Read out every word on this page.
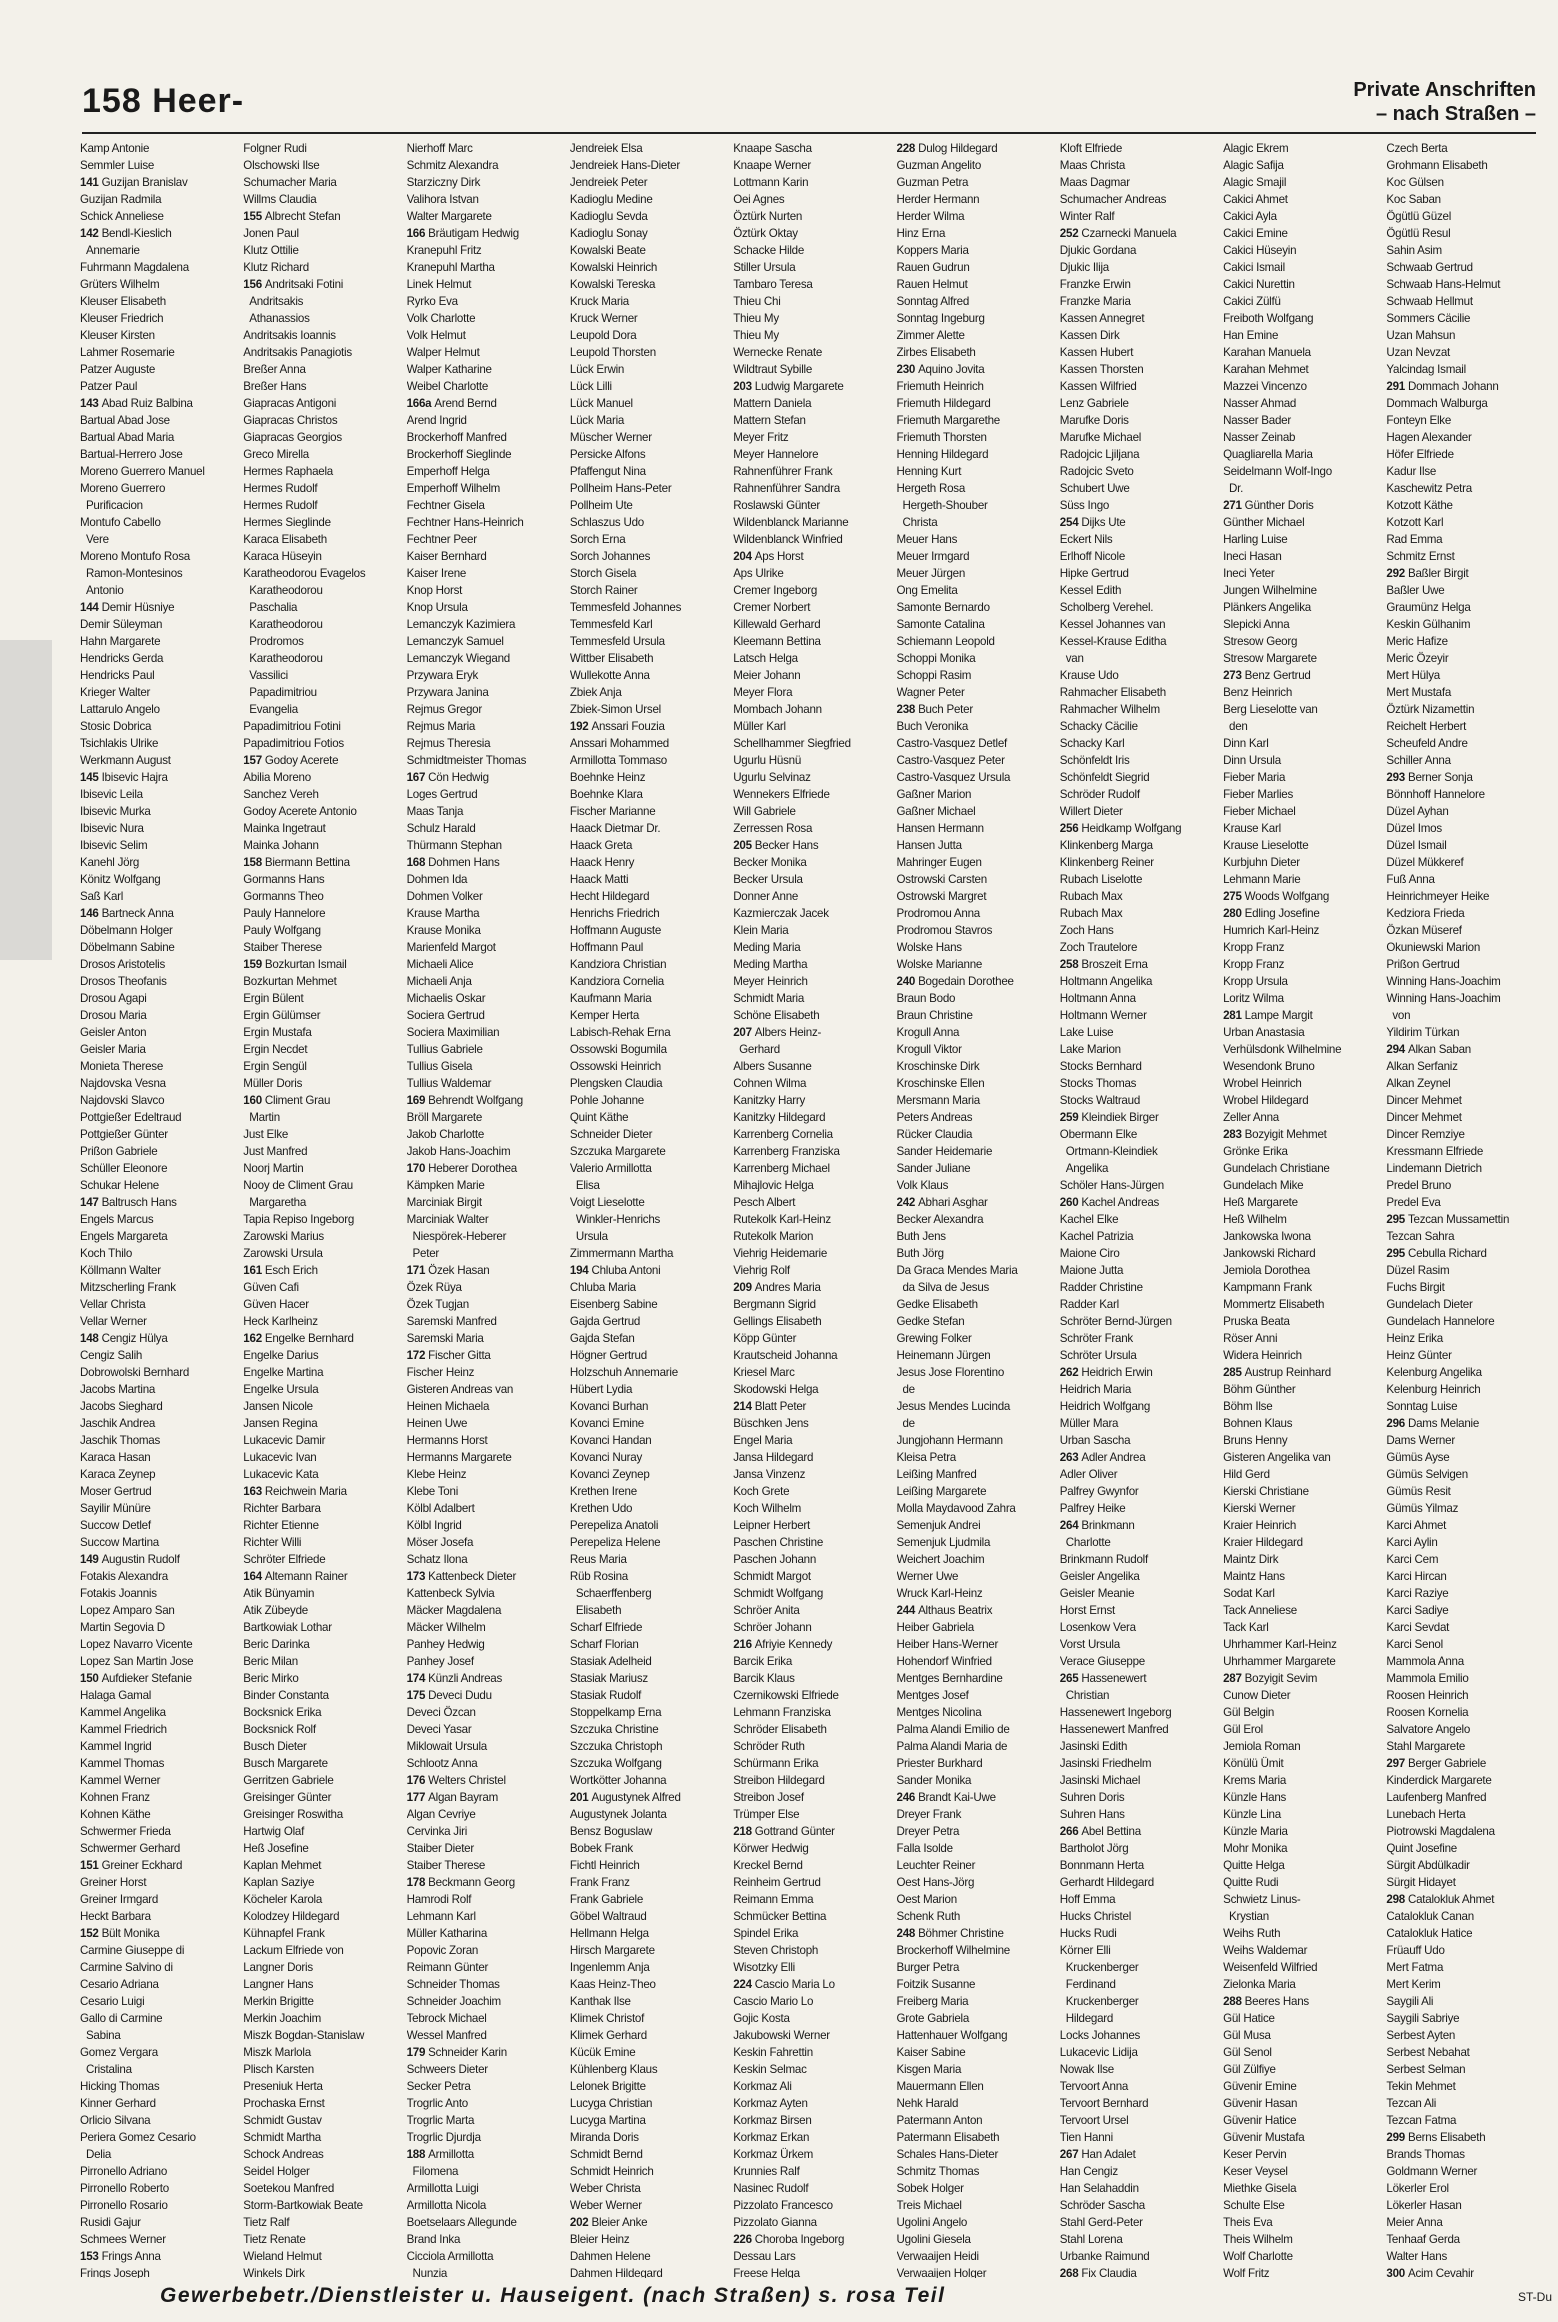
158 Heer-	Private Anschriften
– nach Straßen –
Kamp Antonie
Semmler Luise
141 Guzijan Branislav
Guzijan Radmila
Schick Anneliese
142 Bendl-Kieslich
Annemarie
Fuhrmann Magdalena
Grüters Wilhelm
Kleuser Elisabeth
Kleuser Friedrich
Kleuser Kirsten
Lahmer Rosemarie
Patzer Auguste
Patzer Paul
143 Abad Ruiz Balbina
Bartual Abad Jose
Bartual Abad Maria
Bartual-Herrero Jose
Moreno Guerrero Manuel
Moreno Guerrero
Purificacion
Montufo Cabello
Vere
Moreno Montufo Rosa
Ramon-Montesinos
Antonio
144 Demir Hüsniye
Demir Süleyman
Hahn Margarete
Hendricks Gerda
Hendricks Paul
Krieger Walter
Lattarulo Angelo
Stosic Dobrica
Tsichlakis Ulrike
Werkmann August
145 Ibisevic Hajra
Ibisevic Leila
Ibisevic Murka
Ibisevic Nura
Ibisevic Selim
Kanehl Jörg
Könitz Wolfgang
Saß Karl
146 Bartneck Anna
Döbelmann Holger
Döbelmann Sabine
Drosos Aristotelis
Drosos Theofanis
Drosou Agapi
Drosou Maria
Geisler Anton
Geisler Maria
Monieta Therese
Najdovska Vesna
Najdovski Slavco
Pottgießer Edeltraud
Pottgießer Günter
Prißon Gabriele
Schüller Eleonore
Schukar Helene
147 Baltrusch Hans
Engels Marcus
Engels Margareta
Koch Thilo
Köllmann Walter
Mitzscherling Frank
Vellar Christa
Vellar Werner
148 Cengiz Hülya
Cengiz Salih
Dobrowolski Bernhard
Jacobs Martina
Jacobs Sieghard
Jaschik Andrea
Jaschik Thomas
Karaca Hasan
Karaca Zeynep
Moser Gertrud
Sayilir Münüre
Succow Detlef
Succow Martina
149 Augustin Rudolf
Fotakis Alexandra
Fotakis Joannis
Lopez Amparo San
Martin Segovia D
Lopez Navarro Vicente
Lopez San Martin Jose
150 Aufdieker Stefanie
Halaga Gamal
Kammel Angelika
Kammel Friedrich
Kammel Ingrid
Kammel Thomas
Kammel Werner
Kohnen Franz
Kohnen Käthe
Schwermer Frieda
Schwermer Gerhard
151 Greiner Eckhard
Greiner Horst
Greiner Irmgard
Heckt Barbara
152 Bült Monika
Carmine Giuseppe di
Carmine Salvino di
Cesario Adriana
Cesario Luigi
Gallo di Carmine
Sabina
Gomez Vergara
Cristalina
Hicking Thomas
Kinner Gerhard
Orlicio Silvana
Periera Gomez Cesario
Delia
Pirronello Adriano
Pirronello Roberto
Pirronello Rosario
Rusidi Gajur
Schmees Werner
153 Frings Anna
Frings Joseph
Folgner Rudi
Olschowski Ilse
Schumacher Maria
Willms Claudia
155 Albrecht Stefan
Jonen Paul
Klutz Ottilie
Klutz Richard
156 Andritsaki Fotini
Andritsakis
Athanassios
Andritsakis Ioannis
Andritsakis Panagiotis
Breßer Anna
Breßer Hans
Giapracas Antigoni
Giapracas Christos
Giapracas Georgios
Greco Mirella
Hermes Raphaela
Hermes Rudolf
Hermes Rudolf
Hermes Sieglinde
Karaca Elisabeth
Karaca Hüseyin
Karatheodorou Evagelos
Karatheodorou
Paschalia
Karatheodorou
Prodromos
Karatheodorou
Vassilici
Papadimitriou
Evangelia
Papadimitriou Fotini
Papadimitriou Fotios
157 Godoy Acerete
Abilia Moreno
Sanchez Vereh
Godoy Acerete Antonio
Mainka Ingetraut
Mainka Johann
158 Biermann Bettina
Gormanns Hans
Gormanns Theo
Pauly Hannelore
Pauly Wolfgang
Staiber Therese
159 Bozkurtan Ismail
Bozkurtan Mehmet
Ergin Bülent
Ergin Gülümser
Ergin Mustafa
Ergin Necdet
Ergin Sengül
Müller Doris
160 Climent Grau
Martin
Just Elke
Just Manfred
Noorj Martin
Nooy de Climent Grau
Margaretha
Tapia Repiso Ingeborg
Zarowski Marius
Zarowski Ursula
161 Esch Erich
Güven Cafi
Güven Hacer
Heck Karlheinz
162 Engelke Bernhard
Engelke Darius
Engelke Martina
Engelke Ursula
Jansen Nicole
Jansen Regina
Lukacevic Damir
Lukacevic Ivan
Lukacevic Kata
163 Reichwein Maria
Richter Barbara
Richter Etienne
Richter Willi
Schröter Elfriede
164 Altemann Rainer
Atik Bünyamin
Atik Zübeyde
Bartkowiak Lothar
Beric Darinka
Beric Milan
Beric Mirko
Binder Constanta
Bocksnick Erika
Bocksnick Rolf
Busch Dieter
Busch Margarete
Gerritzen Gabriele
Greisinger Günter
Greisinger Roswitha
Hartwig Olaf
Heß Josefine
Kaplan Mehmet
Kaplan Saziye
Köcheler Karola
Kolodzey Hildegard
Kühnapfel Frank
Lackum Elfriede von
Langner Doris
Langner Hans
Merkin Brigitte
Merkin Joachim
Miszk Bogdan-Stanislaw
Miszk Marlola
Plisch Karsten
Preseniuk Herta
Prochaska Ernst
Schmidt Gustav
Schmidt Martha
Schock Andreas
Seidel Holger
Soetekou Manfred
Storm-Bartkowiak Beate
Tietz Ralf
Tietz Renate
Wieland Helmut
Winkels Dirk
Nierhoff Marc
Schmitz Alexandra
Starziczny Dirk
Valihora Istvan
Walter Margarete
166 Bräutigam Hedwig
Kranepuhl Fritz
Kranepuhl Martha
Linek Helmut
Ryrko Eva
Volk Charlotte
Volk Helmut
Walper Helmut
Walper Katharine
Weibel Charlotte
166a Arend Bernd
Arend Ingrid
Brockerhoff Manfred
Brockerhoff Sieglinde
Emperhoff Helga
Emperhoff Wilhelm
Fechtner Gisela
Fechtner Hans-Heinrich
Fechtner Peer
Kaiser Bernhard
Kaiser Irene
Knop Horst
Knop Ursula
Lemanczyk Kazimiera
Lemanczyk Samuel
Lemanczyk Wiegand
Przywara Eryk
Przywara Janina
Rejmus Gregor
Rejmus Maria
Rejmus Theresia
Schmidtmeister Thomas
167 Cön Hedwig
Loges Gertrud
Maas Tanja
Schulz Harald
Thürmann Stephan
168 Dohmen Hans
Dohmen Ida
Dohmen Volker
Krause Martha
Krause Monika
Marienfeld Margot
Michaeli Alice
Michaeli Anja
Michaelis Oskar
Sociera Gertrud
Sociera Maximilian
Tullius Gabriele
Tullius Gisela
Tullius Waldemar
169 Behrendt Wolfgang
Bröll Margarete
Jakob Charlotte
Jakob Hans-Joachim
170 Heberer Dorothea
Kämpken Marie
Marciniak Birgit
Marciniak Walter
Niespörek-Heberer
Peter
171 Özek Hasan
Özek Rüya
Özek Tugjan
Saremski Manfred
Saremski Maria
172 Fischer Gitta
Fischer Heinz
Gisteren Andreas van
Heinen Michaela
Heinen Uwe
Hermanns Horst
Hermanns Margarete
Klebe Heinz
Klebe Toni
Kölbl Adalbert
Kölbl Ingrid
Möser Josefa
Schatz Ilona
173 Kattenbeck Dieter
Kattenbeck Sylvia
Mäcker Magdalena
Mäcker Wilhelm
Panhey Hedwig
Panhey Josef
174 Künzli Andreas
175 Deveci Dudu
Deveci Özcan
Deveci Yasar
Miklowait Ursula
Schlootz Anna
176 Welters Christel
177 Algan Bayram
Algan Cevriye
Cervinka Jiri
Staiber Dieter
Staiber Therese
178 Beckmann Georg
Hamrodi Rolf
Lehmann Karl
Müller Katharina
Popovic Zoran
Reimann Günter
Schneider Thomas
Schneider Joachim
Tebrock Michael
Wessel Manfred
179 Schneider Karin
Schweers Dieter
Secker Petra
Trogrlic Anto
Trogrlic Marta
Trogrlic Djurdja
188 Armillotta
Filomena
Armillotta Luigi
Armillotta Nicola
Boetselaars Allegunde
Brand Inka
Cicciola Armillotta
Nunzia
Jendreiek Elsa
Jendreiek Hans-Dieter
Jendreiek Peter
Kadioglu Medine
Kadioglu Sevda
Kadioglu Sonay
Kowalski Beate
Kowalski Heinrich
Kowalski Tereska
Kruck Maria
Kruck Werner
Leupold Dora
Leupold Thorsten
Lück Erwin
Lück Lilli
Lück Manuel
Lück Maria
Müscher Werner
Persicke Alfons
Pfaffengut Nina
Pollheim Hans-Peter
Pollheim Ute
Schlaszus Udo
Sorch Erna
Sorch Johannes
Storch Gisela
Storch Rainer
Temmesfeld Johannes
Temmesfeld Karl
Temmesfeld Ursula
Wittber Elisabeth
Wullekotte Anna
Zbiek Anja
Zbiek-Simon Ursel
192 Anssari Fouzia
Anssari Mohammed
Armillotta Tommaso
Boehnke Heinz
Boehnke Klara
Fischer Marianne
Haack Dietmar Dr.
Haack Greta
Haack Henry
Haack Matti
Hecht Hildegard
Henrichs Friedrich
Hoffmann Auguste
Hoffmann Paul
Kandziora Christian
Kandziora Cornelia
Kaufmann Maria
Kemper Herta
Labisch-Rehak Erna
Ossowski Bogumila
Ossowski Heinrich
Plengsken Claudia
Pohle Johanne
Quint Käthe
Schneider Dieter
Szczuka Margarete
Valerio Armillotta
Elisa
Voigt Lieselotte
Winkler-Henrichs
Ursula
Zimmermann Martha
194 Chluba Antoni
Chluba Maria
Eisenberg Sabine
Gajda Gertrud
Gajda Stefan
Högner Gertrud
Holzschuh Annemarie
Hübert Lydia
Kovanci Burhan
Kovanci Emine
Kovanci Handan
Kovanci Nuray
Kovanci Zeynep
Krethen Irene
Krethen Udo
Perepeliza Anatoli
Perepeliza Helene
Reus Maria
Rüb Rosina
Schaerffenberg
Elisabeth
Scharf Elfriede
Scharf Florian
Stasiak Adelheid
Stasiak Mariusz
Stasiak Rudolf
Stoppelkamp Erna
Szczuka Christine
Szczuka Christoph
Szczuka Wolfgang
Wortkötter Johanna
201 Augustynek Alfred
Augustynek Jolanta
Bensz Boguslaw
Bobek Frank
Fichtl Heinrich
Frank Franz
Frank Gabriele
Göbel Waltraud
Hellmann Helga
Hirsch Margarete
Ingenlemm Anja
Kaas Heinz-Theo
Kanthak Ilse
Klimek Christof
Klimek Gerhard
Kücük Emine
Kühlenberg Klaus
Lelonek Brigitte
Lucyga Christian
Lucyga Martina
Miranda Doris
Schmidt Bernd
Schmidt Heinrich
Weber Christa
Weber Werner
202 Bleier Anke
Bleier Heinz
Dahmen Helene
Dahmen Hildegard
Knaape Sascha
Knaape Werner
Lottmann Karin
Oei Agnes
Öztürk Nurten
Öztürk Oktay
Schacke Hilde
Stiller Ursula
Tambaro Teresa
Thieu Chi
Thieu My
Thieu My
Wernecke Renate
Wildtraut Sybille
203 Ludwig Margarete
Mattern Daniela
Mattern Stefan
Meyer Fritz
Meyer Hannelore
Rahnenführer Frank
Rahnenführer Sandra
Roslawski Günter
Wildenblanck Marianne
Wildenblanck Winfried
204 Aps Horst
Aps Ulrike
Cremer Ingeborg
Cremer Norbert
Killewald Gerhard
Kleemann Bettina
Latsch Helga
Meier Johann
Meyer Flora
Mombach Johann
Müller Karl
Schellhammer Siegfried
Ugurlu Hüsnü
Ugurlu Selvinaz
Wennekers Elfriede
Will Gabriele
Zerressen Rosa
205 Becker Hans
Becker Monika
Becker Ursula
Donner Anne
Kazmierczak Jacek
Klein Maria
Meding Maria
Meding Martha
Meyer Heinrich
Schmidt Maria
Schöne Elisabeth
207 Albers Heinz-
Gerhard
Albers Susanne
Cohnen Wilma
Kanitzky Harry
Kanitzky Hildegard
Karrenberg Cornelia
Karrenberg Franziska
Karrenberg Michael
Mihajlovic Helga
Pesch Albert
Rutekolk Karl-Heinz
Rutekolk Marion
Viehrig Heidemarie
Viehrig Rolf
209 Andres Maria
Bergmann Sigrid
Gellings Elisabeth
Köpp Günter
Krautscheid Johanna
Kriesel Marc
Skodowski Helga
214 Blatt Peter
Büschken Jens
Engel Maria
Jansa Hildegard
Jansa Vinzenz
Koch Grete
Koch Wilhelm
Leipner Herbert
Paschen Christine
Paschen Johann
Schmidt Margot
Schmidt Wolfgang
Schröer Anita
Schröer Johann
216 Afriyie Kennedy
Barcik Erika
Barcik Klaus
Czernikowski Elfriede
Lehmann Franziska
Schröder Elisabeth
Schröder Ruth
Schürmann Erika
Streibon Hildegard
Streibon Josef
Trümper Else
218 Gottrand Günter
Körwer Hedwig
Kreckel Bernd
Reinheim Gertrud
Reimann Emma
Schmücker Bettina
Spindel Erika
Steven Christoph
Wisotzky Elli
224 Cascio Maria Lo
Cascio Mario Lo
Gojic Kosta
Jakubowski Werner
Keskin Fahrettin
Keskin Selmac
Korkmaz Ali
Korkmaz Ayten
Korkmaz Birsen
Korkmaz Erkan
Korkmaz Ürkem
Krunnies Ralf
Nasinec Rudolf
Pizzolato Francesco
Pizzolato Gianna
226 Choroba Ingeborg
Dessau Lars
Freese Helga
228 Dulog Hildegard
Guzman Angelito
Guzman Petra
Herder Hermann
Herder Wilma
Hinz Erna
Koppers Maria
Rauen Gudrun
Rauen Helmut
Sonntag Alfred
Sonntag Ingeburg
Zimmer Alette
Zirbes Elisabeth
230 Aquino Jovita
Friemuth Heinrich
Friemuth Hildegard
Friemuth Margarethe
Friemuth Thorsten
Henning Hildegard
Henning Kurt
Hergeth Rosa
Hergeth-Shouber
Christa
Meuer Hans
Meuer Irmgard
Meuer Jürgen
Ong Emelita
Samonte Bernardo
Samonte Catalina
Schiemann Leopold
Schoppi Monika
Schoppi Rasim
Wagner Peter
238 Buch Peter
Buch Veronika
Castro-Vasquez Detlef
Castro-Vasquez Peter
Castro-Vasquez Ursula
Gaßner Marion
Gaßner Michael
Hansen Hermann
Hansen Jutta
Mahringer Eugen
Ostrowski Carsten
Ostrowski Margret
Prodromou Anna
Prodromou Stavros
Wolske Hans
Wolske Marianne
240 Bogedain Dorothee
Braun Bodo
Braun Christine
Krogull Anna
Krogull Viktor
Kroschinske Dirk
Kroschinske Ellen
Mersmann Maria
Peters Andreas
Rücker Claudia
Sander Heidemarie
Sander Juliane
Volk Klaus
242 Abhari Asghar
Becker Alexandra
Buth Jens
Buth Jörg
Da Graca Mendes Maria
da Silva de Jesus
Gedke Elisabeth
Gedke Stefan
Grewing Folker
Heinemann Jürgen
Jesus Jose Florentino
de
Jesus Mendes Lucinda
de
Jungjohann Hermann
Kleisa Petra
Leißing Manfred
Leißing Margarete
Molla Maydavood Zahra
Semenjuk Andrei
Semenjuk Ljudmila
Weichert Joachim
Werner Uwe
Wruck Karl-Heinz
244 Althaus Beatrix
Heiber Gabriela
Heiber Hans-Werner
Hohendorf Winfried
Mentges Bernhardine
Mentges Josef
Mentges Nicolina
Palma Alandi Emilio de
Palma Alandi Maria de
Priester Burkhard
Sander Monika
246 Brandt Kai-Uwe
Dreyer Frank
Dreyer Petra
Falla Isolde
Leuchter Reiner
Oest Hans-Jörg
Oest Marion
Schenk Ruth
248 Böhmer Christine
Brockerhoff Wilhelmine
Burger Petra
Foitzik Susanne
Freiberg Maria
Grote Gabriela
Hattenhauer Wolfgang
Kaiser Sabine
Kisgen Maria
Mauermann Ellen
Nehk Harald
Patermann Anton
Patermann Elisabeth
Schales Hans-Dieter
Schmitz Thomas
Sobek Holger
Treis Michael
Ugolini Angelo
Ugolini Giesela
Verwaaijen Heidi
Verwaaijen Holger
Kloft Elfriede
Maas Christa
Maas Dagmar
Schumacher Andreas
Winter Ralf
252 Czarnecki Manuela
Djukic Gordana
Djukic Ilija
Franzke Erwin
Franzke Maria
Kassen Annegret
Kassen Dirk
Kassen Hubert
Kassen Thorsten
Kassen Wilfried
Lenz Gabriele
Marufke Doris
Marufke Michael
Radojcic Ljiljana
Radojcic Sveto
Schubert Uwe
Süss Ingo
254 Dijks Ute
Eckert Nils
Erlhoff Nicole
Hipke Gertrud
Kessel Edith
Scholberg Verehel.
Kessel Johannes van
Kessel-Krause Editha
van
Krause Udo
Rahmacher Elisabeth
Rahmacher Wilhelm
Schacky Cäcilie
Schacky Karl
Schönfeldt Iris
Schönfeldt Siegrid
Schröder Rudolf
Willert Dieter
256 Heidkamp Wolfgang
Klinkenberg Marga
Klinkenberg Reiner
Rubach Liselotte
Rubach Max
Rubach Max
Zoch Hans
Zoch Trautelore
258 Broszeit Erna
Holtmann Angelika
Holtmann Anna
Holtmann Werner
Lake Luise
Lake Marion
Stocks Bernhard
Stocks Thomas
Stocks Waltraud
259 Kleindiek Birger
Obermann Elke
Ortmann-Kleindiek
Angelika
Schöler Hans-Jürgen
260 Kachel Andreas
Kachel Elke
Kachel Patrizia
Maione Ciro
Maione Jutta
Radder Christine
Radder Karl
Schröter Bernd-Jürgen
Schröter Frank
Schröter Ursula
262 Heidrich Erwin
Heidrich Maria
Heidrich Wolfgang
Müller Mara
Urban Sascha
263 Adler Andrea
Adler Oliver
Palfrey Gwynfor
Palfrey Heike
264 Brinkmann
Charlotte
Brinkmann Rudolf
Geisler Angelika
Geisler Meanie
Horst Ernst
Losenkow Vera
Vorst Ursula
Verace Giuseppe
265 Hassenewert
Christian
Hassenewert Ingeborg
Hassenewert Manfred
Jasinski Edith
Jasinski Friedhelm
Jasinski Michael
Suhren Doris
Suhren Hans
266 Abel Bettina
Bartholot Jörg
Bonnmann Herta
Gerhardt Hildegard
Hoff Emma
Hucks Christel
Hucks Rudi
Körner Elli
Kruckenberger
Ferdinand
Kruckenberger
Hildegard
Locks Johannes
Lukacevic Lidija
Nowak Ilse
Tervoort Anna
Tervoort Bernhard
Tervoort Ursel
Tien Hanni
267 Han Adalet
Han Cengiz
Han Selahaddin
Schröder Sascha
Stahl Gerd-Peter
Stahl Lorena
Urbanke Raimund
268 Fix Claudia
Alagic Ekrem
Alagic Safija
Alagic Smajil
Cakici Ahmet
Cakici Ayla
Cakici Emine
Cakici Hüseyin
Cakici Ismail
Cakici Nurettin
Cakici Zülfü
Freiboth Wolfgang
Han Emine
Karahan Manuela
Karahan Mehmet
Mazzei Vincenzo
Nasser Ahmad
Nasser Bader
Nasser Zeinab
Quagliarella Maria
Seidelmann Wolf-Ingo
Dr.
271 Günther Doris
Günther Michael
Harling Luise
Ineci Hasan
Ineci Yeter
Jungen Wilhelmine
Plänkers Angelika
Slepicki Anna
Stresow Georg
Stresow Margarete
273 Benz Gertrud
Benz Heinrich
Berg Lieselotte van
den
Dinn Karl
Dinn Ursula
Fieber Maria
Fieber Marlies
Fieber Michael
Krause Karl
Krause Lieselotte
Kurbjuhn Dieter
Lehmann Marie
275 Woods Wolfgang
280 Edling Josefine
Humrich Karl-Heinz
Kropp Franz
Kropp Franz
Kropp Ursula
Loritz Wilma
281 Lampe Margit
Urban Anastasia
Verhülsdonk Wilhelmine
Wesendonk Bruno
Wrobel Heinrich
Wrobel Hildegard
Zeller Anna
283 Bozyigit Mehmet
Grönke Erika
Gundelach Christiane
Gundelach Mike
Heß Margarete
Heß Wilhelm
Jankowska Iwona
Jankowski Richard
Jemiola Dorothea
Kampmann Frank
Mommertz Elisabeth
Pruska Beata
Röser Anni
Widera Heinrich
285 Austrup Reinhard
Böhm Günther
Böhm Ilse
Bohnen Klaus
Bruns Henny
Gisteren Angelika van
Hild Gerd
Kierski Christiane
Kierski Werner
Kraier Heinrich
Kraier Hildegard
Maintz Dirk
Maintz Hans
Sodat Karl
Tack Anneliese
Tack Karl
Uhrhammer Karl-Heinz
Uhrhammer Margarete
287 Bozyigit Sevim
Cunow Dieter
Gül Belgin
Gül Erol
Jemiola Roman
Könülü Ümit
Krems Maria
Künzle Hans
Künzle Lina
Künzle Maria
Mohr Monika
Quitte Helga
Quitte Rudi
Schwietz Linus-
Krystian
Weihs Ruth
Weihs Waldemar
Weisenfeld Wilfried
Zielonka Maria
288 Beeres Hans
Gül Hatice
Gül Musa
Gül Senol
Gül Zülfiye
Güvenir Emine
Güvenir Hasan
Güvenir Hatice
Güvenir Mustafa
Keser Pervin
Keser Veysel
Miethke Gisela
Schulte Else
Theis Eva
Theis Wilhelm
Wolf Charlotte
Wolf Fritz
Czech Berta
Grohmann Elisabeth
Koc Gülsen
Koc Saban
Ögütlü Güzel
Ögütlü Resul
Sahin Asim
Schwaab Gertrud
Schwaab Hans-Helmut
Schwaab Hellmut
Sommers Cäcilie
Uzan Mahsun
Uzan Nevzat
Yalcindag Ismail
291 Dommach Johann
Dommach Walburga
Fonteyn Elke
Hagen Alexander
Höfer Elfriede
Kadur Ilse
Kaschewitz Petra
Kotzott Käthe
Kotzott Karl
Rad Emma
Schmitz Ernst
292 Baßler Birgit
Baßler Uwe
Graumünz Helga
Keskin Gülhanim
Meric Hafize
Meric Özeyir
Mert Hülya
Mert Mustafa
Öztürk Nizamettin
Reichelt Herbert
Scheufeld Andre
Schiller Anna
293 Berner Sonja
Bönnhoff Hannelore
Düzel Ayhan
Düzel Imos
Düzel Ismail
Düzel Mükkeref
Fuß Anna
Heinrichmeyer Heike
Kedziora Frieda
Özkan Müseref
Okuniewski Marion
Prißon Gertrud
Winning Hans-Joachim
Winning Hans-Joachim
von
Yildirim Türkan
294 Alkan Saban
Alkan Serfaniz
Alkan Zeynel
Dincer Mehmet
Dincer Mehmet
Dincer Remziye
Kressmann Elfriede
Lindemann Dietrich
Predel Bruno
Predel Eva
295 Tezcan Mussamettin
Tezcan Sahra
295 Cebulla Richard
Düzel Rasim
Fuchs Birgit
Gundelach Dieter
Gundelach Hannelore
Heinz Erika
Heinz Günter
Kelenburg Angelika
Kelenburg Heinrich
Sonntag Luise
296 Dams Melanie
Dams Werner
Gümüs Ayse
Gümüs Selvigen
Gümüs Resit
Gümüs Yilmaz
Karci Ahmet
Karci Aylin
Karci Cem
Karci Hircan
Karci Raziye
Karci Sadiye
Karci Sevdat
Karci Senol
Mammola Anna
Mammola Emilio
Roosen Heinrich
Roosen Kornelia
Salvatore Angelo
Stahl Margarete
297 Berger Gabriele
Kinderdick Margarete
Laufenberg Manfred
Lunebach Herta
Piotrowski Magdalena
Quint Josefine
Sürgit Abdülkadir
Sürgit Hidayet
298 Catalokluk Ahmet
Catalokluk Canan
Catalokluk Hatice
Früauff Udo
Mert Fatma
Mert Kerim
Saygili Ali
Saygili Sabriye
Serbest Ayten
Serbest Nebahat
Serbest Selman
Tekin Mehmet
Tezcan Ali
Tezcan Fatma
299 Berns Elisabeth
Brands Thomas
Goldmann Werner
Lökerler Erol
Lökerler Hasan
Meier Anna
Tenhaaf Gerda
Walter Hans
300 Acim Cevahir
Gewerbebetr./Dienstleister u. Hauseigent. (nach Straßen) s. rosa Teil	ST-Du
